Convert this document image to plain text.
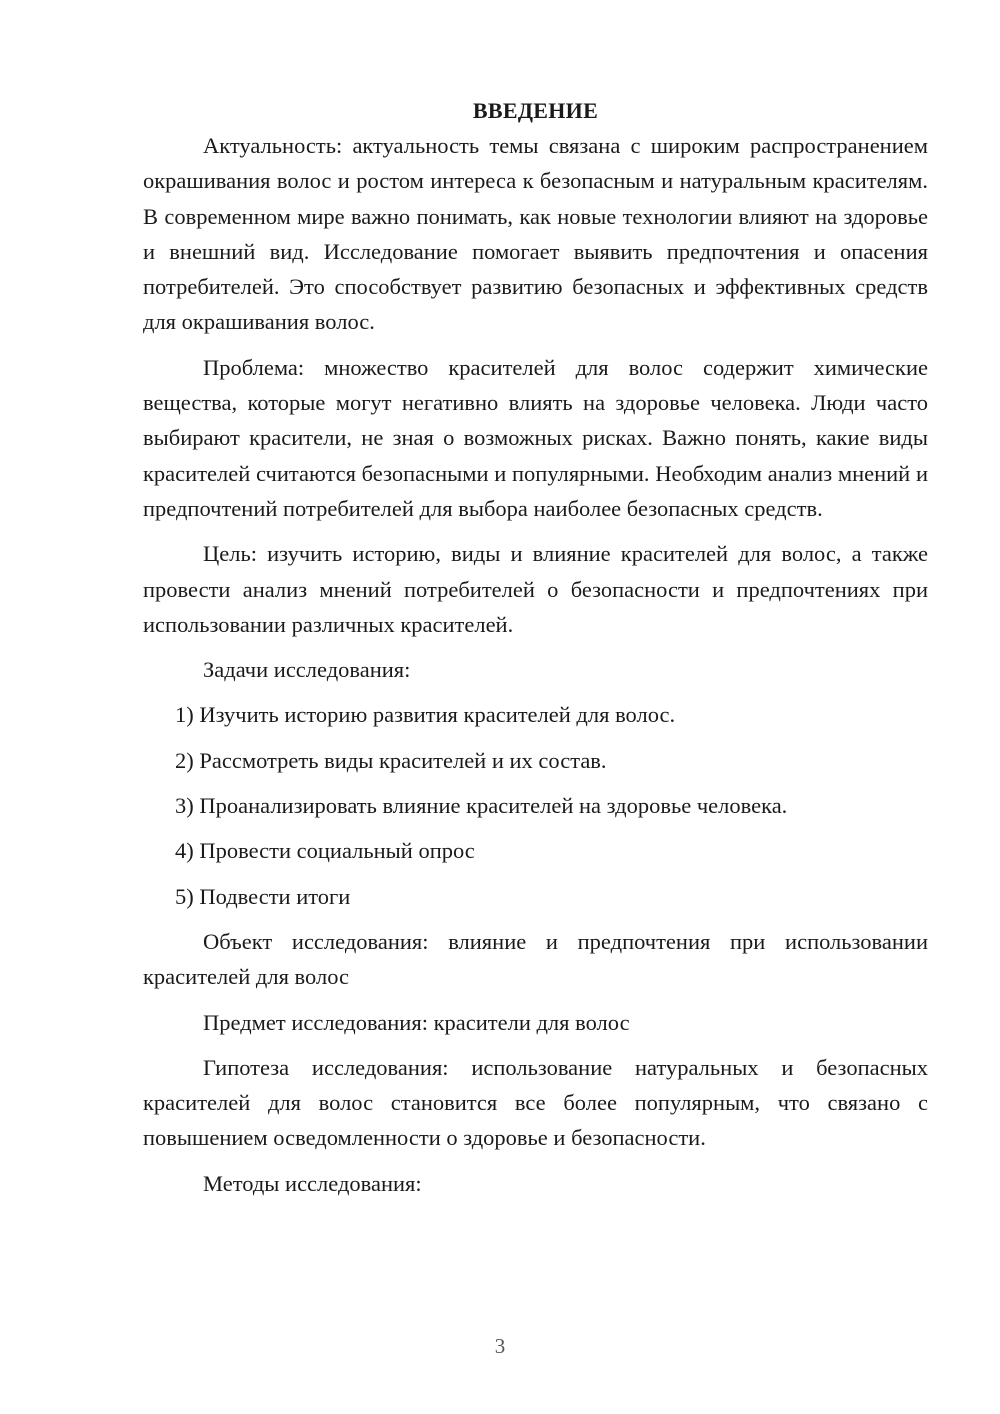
ВВЕДЕНИЕ

Актуальность: актуальность темы связана с широким распространением окрашивания волос и ростом интереса к безопасным и натуральным красителям. В современном мире важно понимать, как новые технологии влияют на здоровье и внешний вид. Исследование помогает выявить предпочтения и опасения потребителей. Это способствует развитию безопасных и эффективных средств для окрашивания волос.

Проблема: множество красителей для волос содержит химические вещества, которые могут негативно влиять на здоровье человека. Люди часто выбирают красители, не зная о возможных рисках. Важно понять, какие виды красителей считаются безопасными и популярными. Необходим анализ мнений и предпочтений потребителей для выбора наиболее безопасных средств.

Цель: изучить историю, виды и влияние красителей для волос, а также провести анализ мнений потребителей о безопасности и предпочтениях при использовании различных красителей.

Задачи исследования:

1) Изучить историю развития красителей для волос.
2) Рассмотреть виды красителей и их состав.
3) Проанализировать влияние красителей на здоровье человека.
4) Провести социальный опрос
5) Подвести итоги

Объект исследования: влияние и предпочтения при использовании красителей для волос

Предмет исследования: красители для волос

Гипотеза исследования: использование натуральных и безопасных красителей для волос становится все более популярным, что связано с повышением осведомленности о здоровье и безопасности.

Методы исследования:

3
